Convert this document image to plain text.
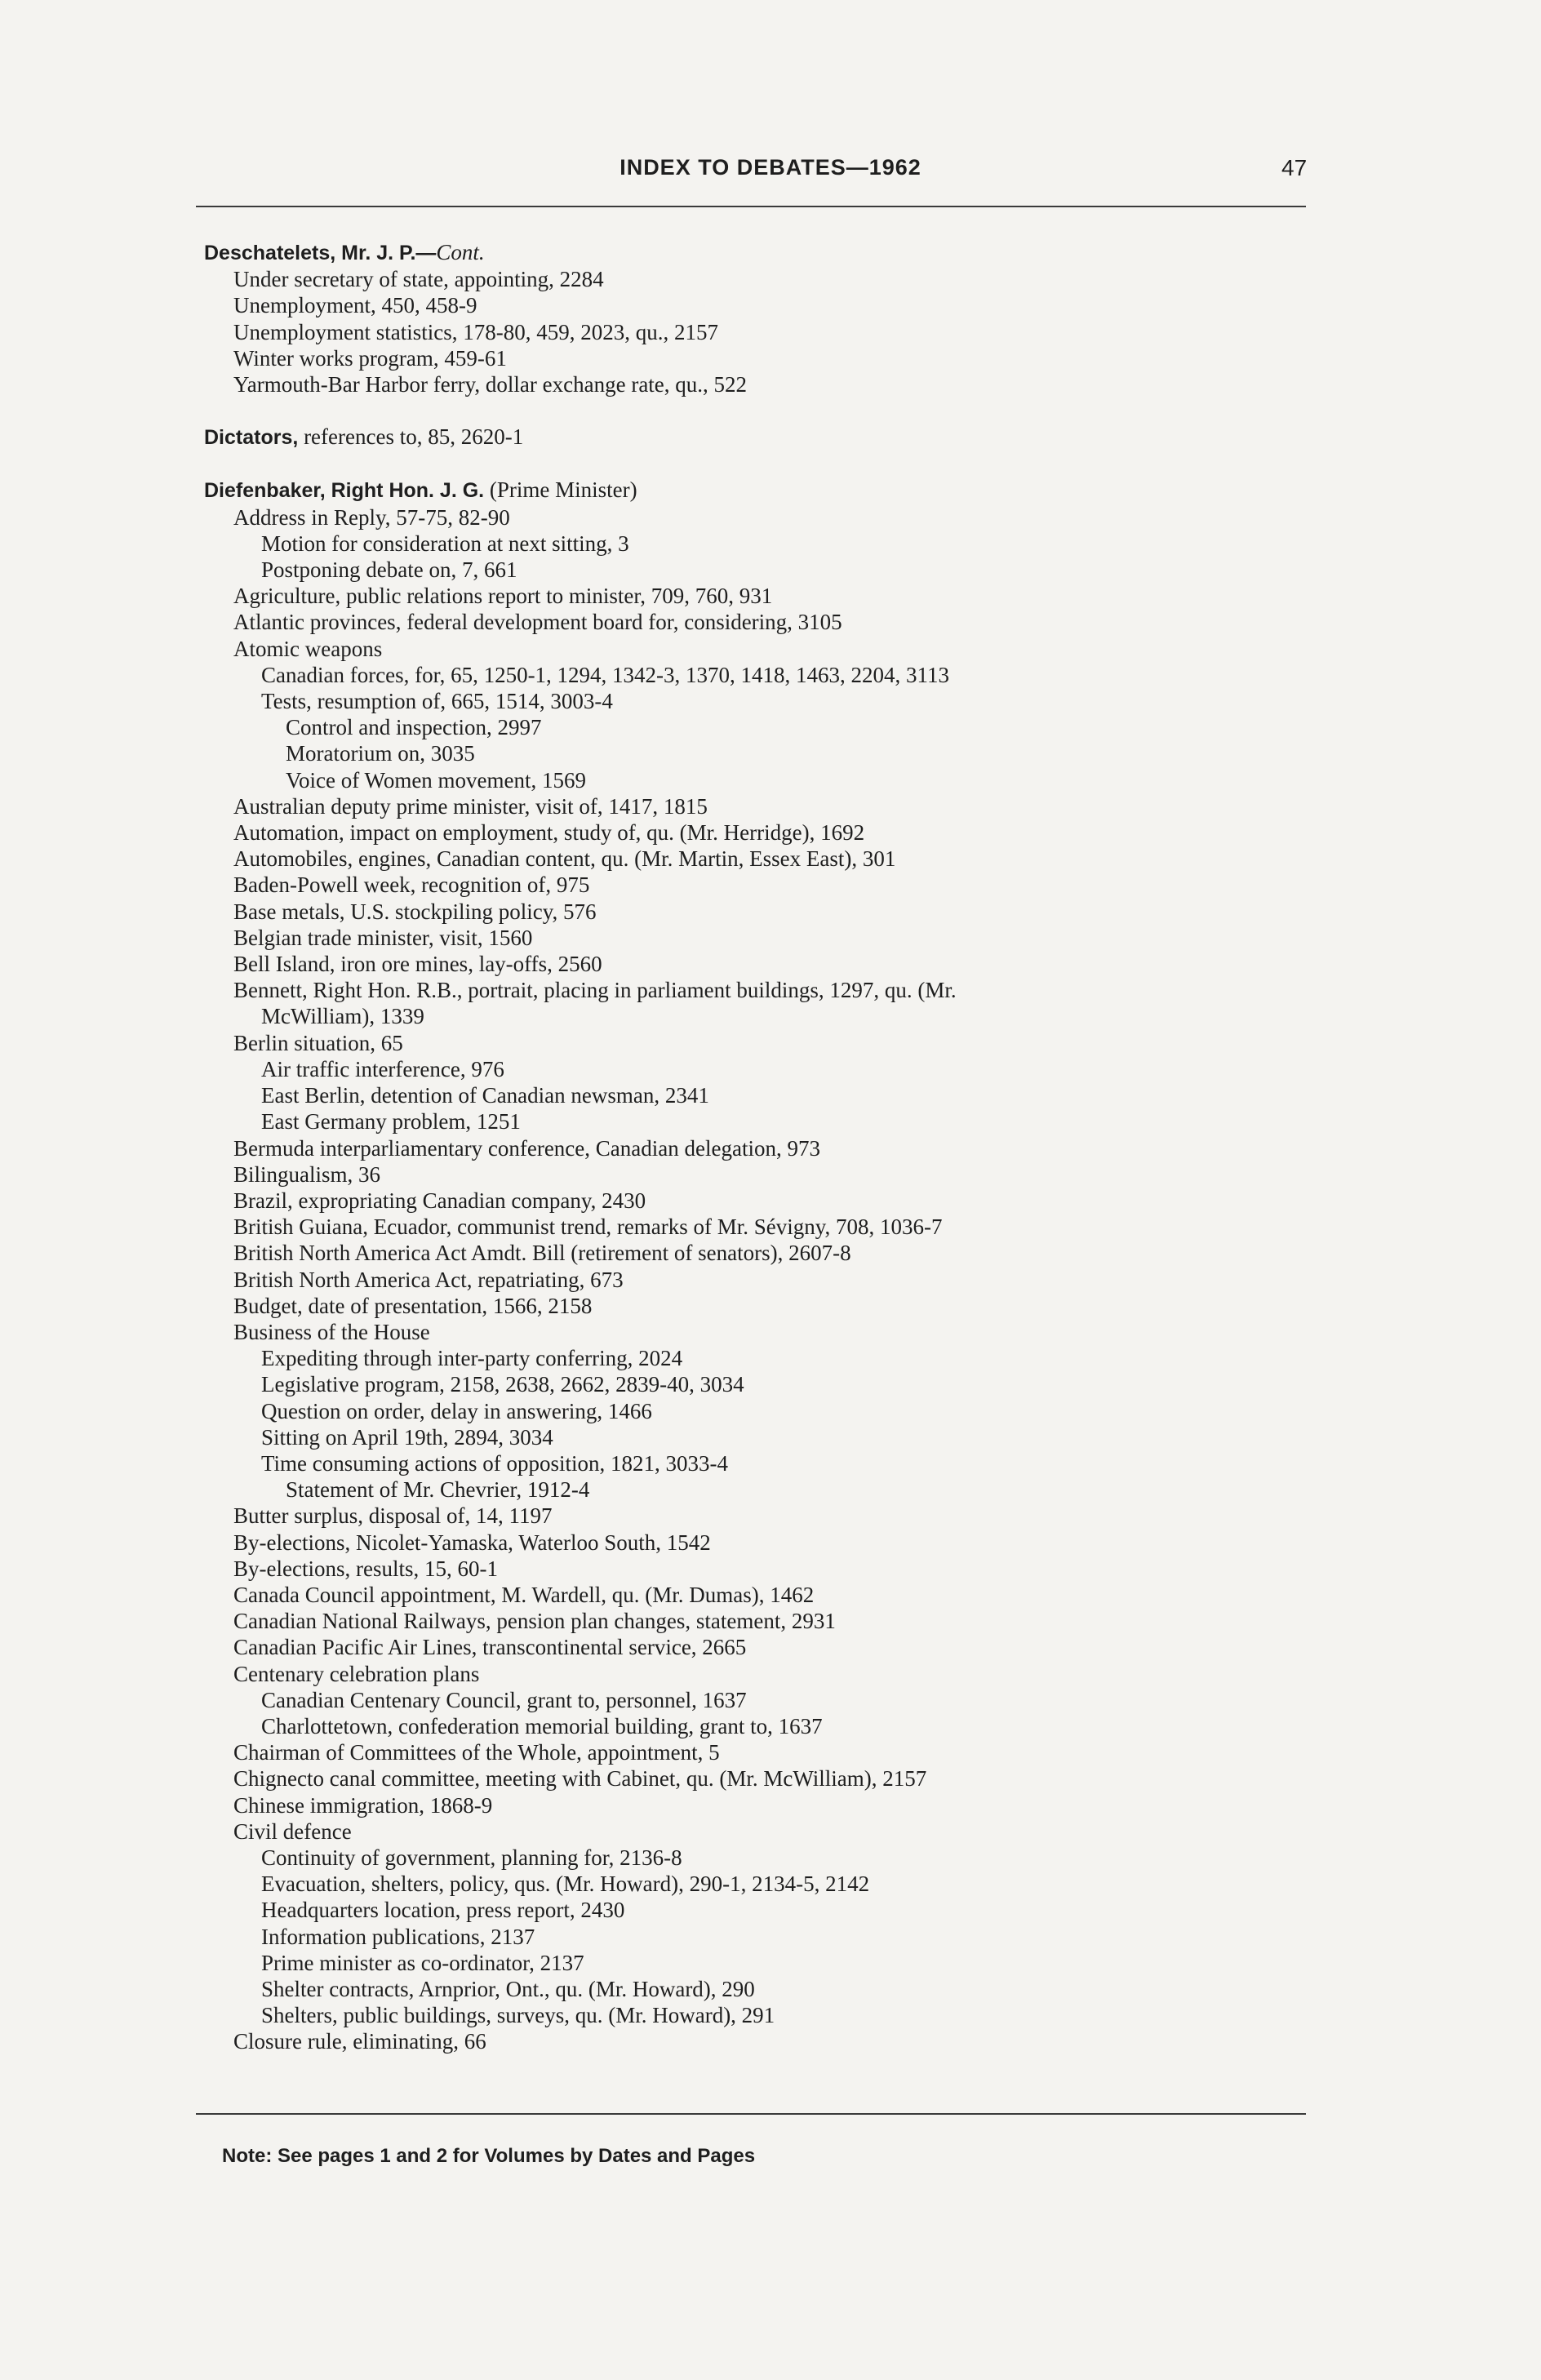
INDEX TO DEBATES—1962	47
Deschatelets, Mr. J. P.—Cont.
Under secretary of state, appointing, 2284
Unemployment, 450, 458-9
Unemployment statistics, 178-80, 459, 2023, qu., 2157
Winter works program, 459-61
Yarmouth-Bar Harbor ferry, dollar exchange rate, qu., 522
Dictators, references to, 85, 2620-1
Diefenbaker, Right Hon. J. G. (Prime Minister)
Address in Reply, 57-75, 82-90
Motion for consideration at next sitting, 3
Postponing debate on, 7, 661
Agriculture, public relations report to minister, 709, 760, 931
Atlantic provinces, federal development board for, considering, 3105
Atomic weapons
Canadian forces, for, 65, 1250-1, 1294, 1342-3, 1370, 1418, 1463, 2204, 3113
Tests, resumption of, 665, 1514, 3003-4
Control and inspection, 2997
Moratorium on, 3035
Voice of Women movement, 1569
Australian deputy prime minister, visit of, 1417, 1815
Automation, impact on employment, study of, qu. (Mr. Herridge), 1692
Automobiles, engines, Canadian content, qu. (Mr. Martin, Essex East), 301
Baden-Powell week, recognition of, 975
Base metals, U.S. stockpiling policy, 576
Belgian trade minister, visit, 1560
Bell Island, iron ore mines, lay-offs, 2560
Bennett, Right Hon. R.B., portrait, placing in parliament buildings, 1297, qu. (Mr.
McWilliam), 1339
Berlin situation, 65
Air traffic interference, 976
East Berlin, detention of Canadian newsman, 2341
East Germany problem, 1251
Bermuda interparliamentary conference, Canadian delegation, 973
Bilingualism, 36
Brazil, expropriating Canadian company, 2430
British Guiana, Ecuador, communist trend, remarks of Mr. Sévigny, 708, 1036-7
British North America Act Amdt. Bill (retirement of senators), 2607-8
British North America Act, repatriating, 673
Budget, date of presentation, 1566, 2158
Business of the House
Expediting through inter-party conferring, 2024
Legislative program, 2158, 2638, 2662, 2839-40, 3034
Question on order, delay in answering, 1466
Sitting on April 19th, 2894, 3034
Time consuming actions of opposition, 1821, 3033-4
Statement of Mr. Chevrier, 1912-4
Butter surplus, disposal of, 14, 1197
By-elections, Nicolet-Yamaska, Waterloo South, 1542
By-elections, results, 15, 60-1
Canada Council appointment, M. Wardell, qu. (Mr. Dumas), 1462
Canadian National Railways, pension plan changes, statement, 2931
Canadian Pacific Air Lines, transcontinental service, 2665
Centenary celebration plans
Canadian Centenary Council, grant to, personnel, 1637
Charlottetown, confederation memorial building, grant to, 1637
Chairman of Committees of the Whole, appointment, 5
Chignecto canal committee, meeting with Cabinet, qu. (Mr. McWilliam), 2157
Chinese immigration, 1868-9
Civil defence
Continuity of government, planning for, 2136-8
Evacuation, shelters, policy, qus. (Mr. Howard), 290-1, 2134-5, 2142
Headquarters location, press report, 2430
Information publications, 2137
Prime minister as co-ordinator, 2137
Shelter contracts, Arnprior, Ont., qu. (Mr. Howard), 290
Shelters, public buildings, surveys, qu. (Mr. Howard), 291
Closure rule, eliminating, 66
Note: See pages 1 and 2 for Volumes by Dates and Pages
